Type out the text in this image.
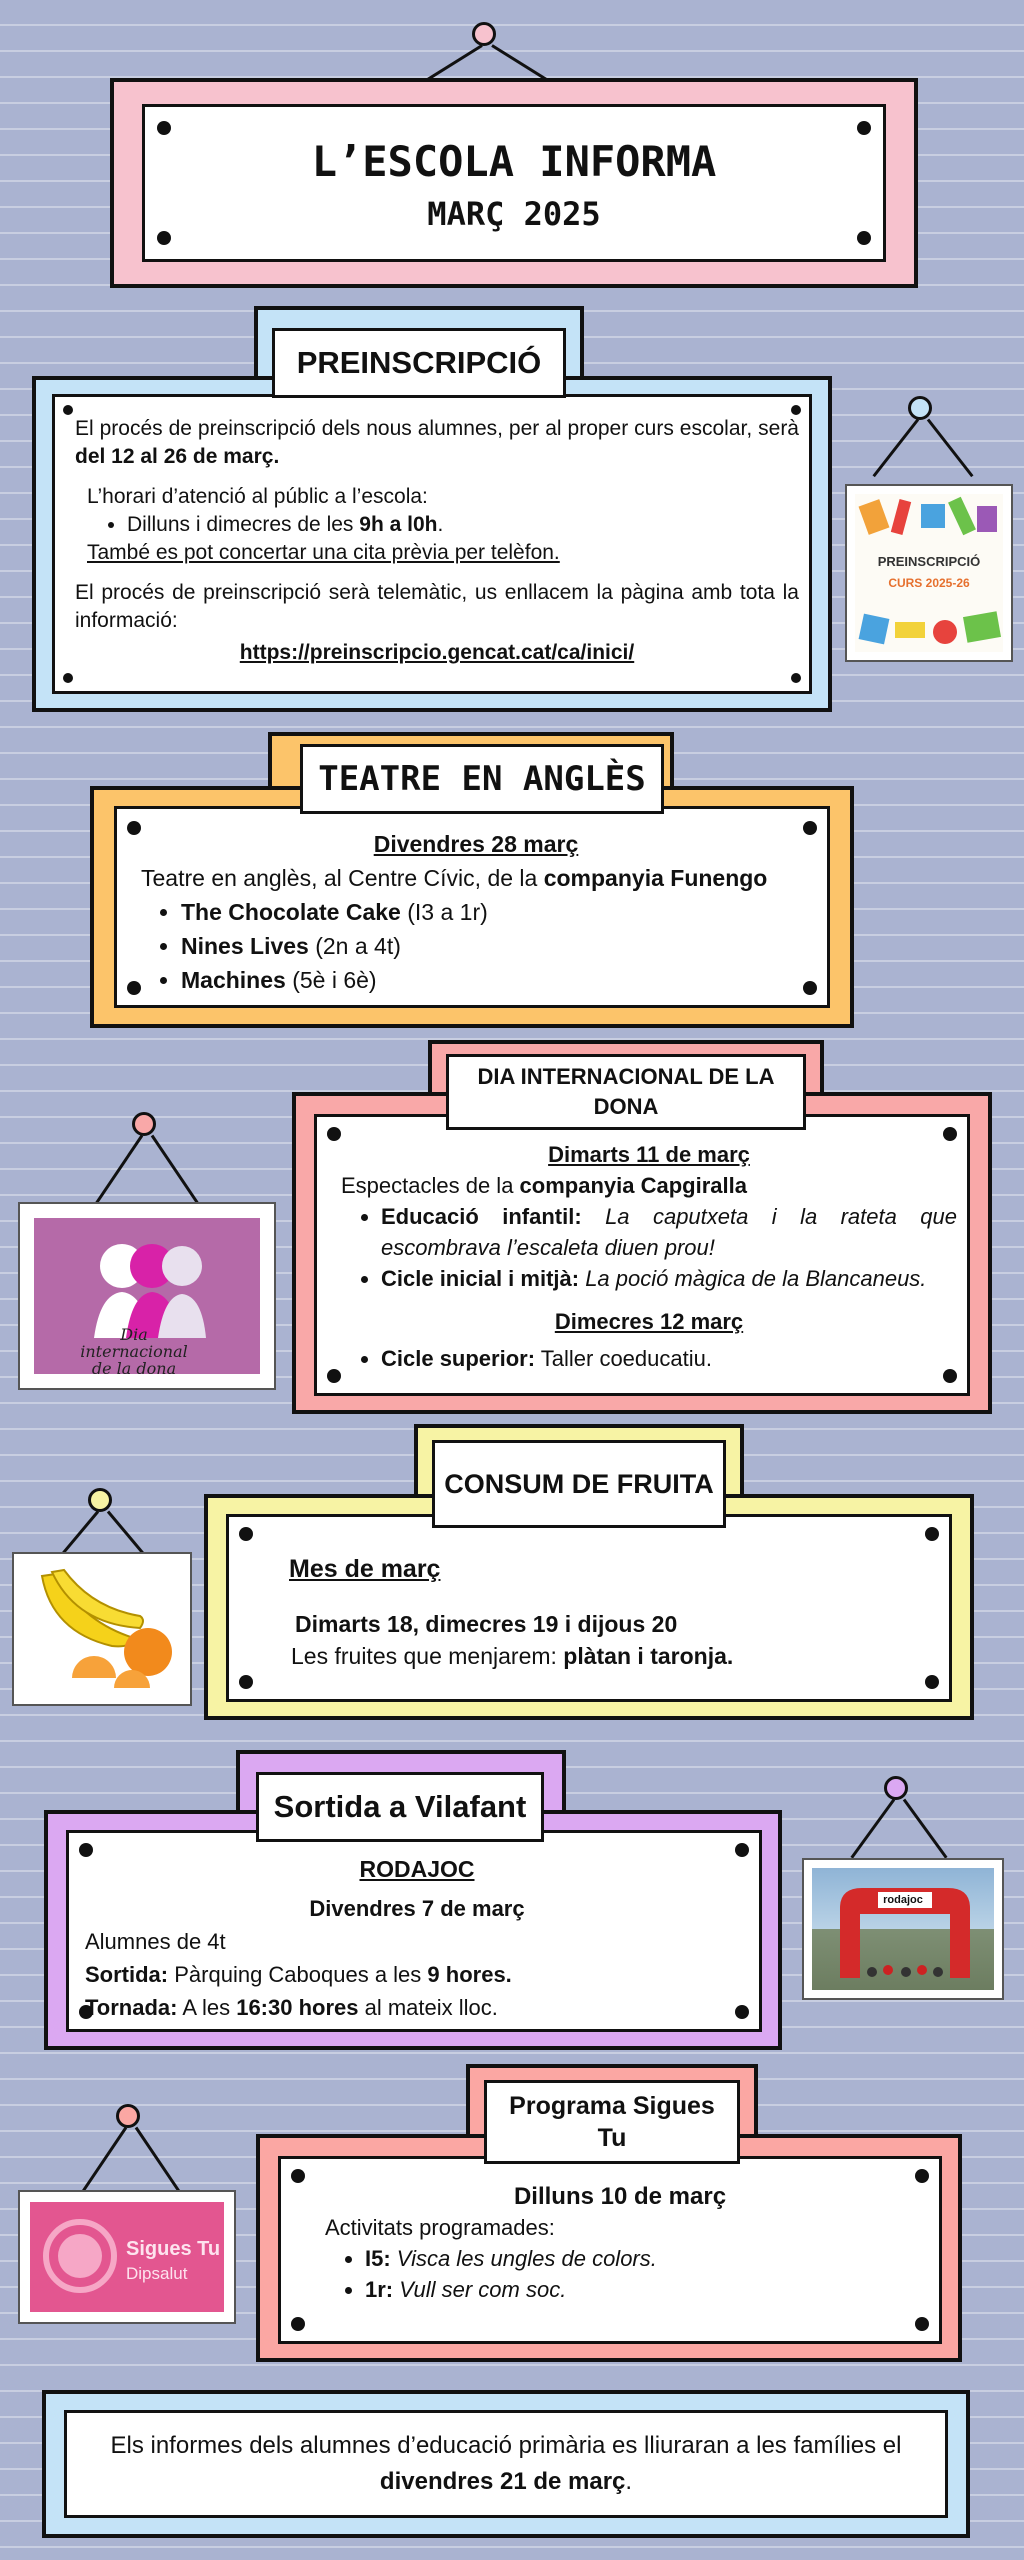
L’ESCOLA INFORMA
MARÇ 2025

El procés de preinscripció dels nous alumnes, per al proper curs escolar, serà del 12 al 26 de març.

L’horari d’atenció al públic a l’escola:

• Dilluns i dimecres de les 9h a l0h.

També es pot concertar una cita prèvia per telèfon.

El procés de preinscripció serà telemàtic, us enllacem la pàgina amb tota la informació:

https://preinscripcio.gencat.cat/ca/inici/

PREINSCRIPCIÓ
PREINSCRIPCIÓ
CURS 2025-26

Divendres 28 març

Teatre en anglès, al Centre Cívic, de la companyia Funengo

• The Chocolate Cake (I3 a 1r)
• Nines Lives (2n a 4t)
• Machines (5è i 6è)
TEATRE EN ANGLÈS

Dimarts 11 de març

Espectacles de la companyia Capgiralla

• Educació infantil: La caputxeta i la rateta que escombrava l’escaleta diuen prou!
• Cicle inicial i mitjà: La poció màgica de la Blancaneus.

Dimecres 12 març

• Cicle superior: Taller coeducatiu.
DIA INTERNACIONAL DE LA DONA
Dia internacional de la dona
Mes de març
Dimarts 18, dimecres 19 i dijous 20
Les fruites que menjarem: plàtan i taronja.
CONSUM DE FRUITA

RODAJOC

Divendres 7 de març

Alumnes de 4t

Sortida: Pàrquing Caboques a les 9 hores.

Tornada: A les 16:30 hores al mateix lloc.

Sortida a Vilafant
rodajoc

Dilluns 10 de març

Activitats programades:

• I5: Visca les ungles de colors.
• 1r: Vull ser com soc.
Programa Sigues Tu
Sigues Tu
Dipsalut

Els informes dels alumnes d’educació primària es lliuraran a les famílies el divendres 21 de març.
